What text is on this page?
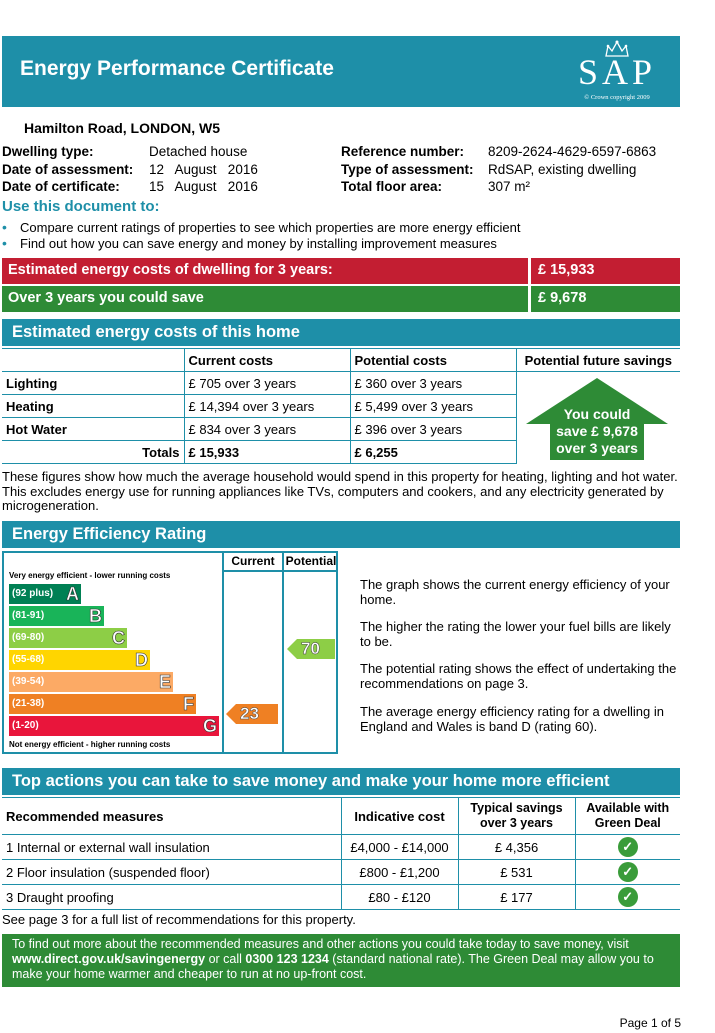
Energy Performance Certificate	SAP
© Crown copyright 2009
Hamilton Road, LONDON, W5
Dwelling type:	Detached house
Date of assessment: 12   August   2016
Date of certificate: 15   August   2016
Reference number: 8209-2624-4629-6597-6863
Type of assessment: RdSAP, existing dwelling
Total floor area:	307 m²
Use this document to:
• Compare current ratings of properties to see which properties are more energy efficient
• Find out how you can save energy and money by installing improvement measures
Estimated energy costs of dwelling for 3 years:	£ 15,933
Over 3 years you could save	£ 9,678
Estimated energy costs of this home
	Current costs	Potential costs	Potential future savings
Lighting	£ 705 over 3 years	£ 360 over 3 years	
Heating	£ 14,394 over 3 years	£ 5,499 over 3 years	
Hot Water	£ 834 over 3 years	£ 396 over 3 years	
Totals	£ 15,933	£ 6,255	
You could
save £ 9,678
over 3 years
These figures show how much the average household would spend in this property for heating, lighting and hot water. This excludes energy use for running appliances like TVs, computers and cookers, and any electricity generated by microgeneration.
Energy Efficiency Rating
Current Potential
Very energy efficient - lower running costs
(92 plus) A
(81-91) B
(69-80)	C
(55-68)	D
(39-54)	E
(21-38)	F
(1-20)	G
Not energy efficient - higher running costs
23
70
The graph shows the current energy efficiency of your home.
The higher the rating the lower your fuel bills are likely to be.
The potential rating shows the effect of undertaking the recommendations on page 3.
The average energy efficiency rating for a dwelling in England and Wales is band D (rating 60).
Top actions you can take to save money and make your home more efficient
Recommended measures	Indicative cost	Typical savings over 3 years	Available with Green Deal
1 Internal or external wall insulation	£4,000 - £14,000	£ 4,356	✓
2 Floor insulation (suspended floor)	£800 - £1,200	£ 531	✓
3 Draught proofing	£80 - £120	£ 177	✓
See page 3 for a full list of recommendations for this property.
To find out more about the recommended measures and other actions you could take today to save money, visit www.direct.gov.uk/savingenergy or call 0300 123 1234 (standard national rate). The Green Deal may allow you to make your home warmer and cheaper to run at no up-front cost.
Page 1 of 5
